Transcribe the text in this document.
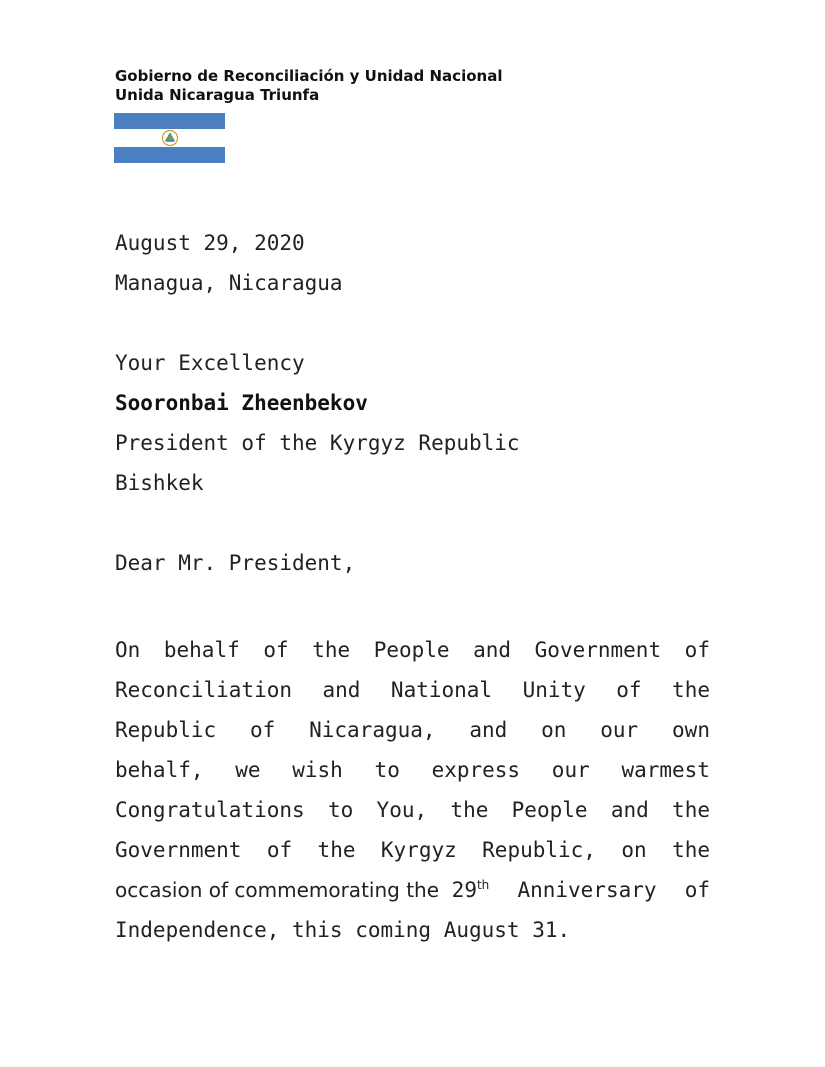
Gobierno de Reconciliación y Unidad Nacional
Unida Nicaragua Triunfa
August 29, 2020
Managua, Nicaragua
Your Excellency
Sooronbai Zheenbekov
President of the Kyrgyz Republic
Bishkek
Dear Mr. President,
On behalf of the People and Government of
Reconciliation and National Unity of the
Republic of Nicaragua, and on our own
behalf, we wish to express our warmest
Congratulations to You, the People and the
Government of the Kyrgyz Republic, on the
occasion of commemorating the 29th Anniversary of
Independence, this coming August 31.
